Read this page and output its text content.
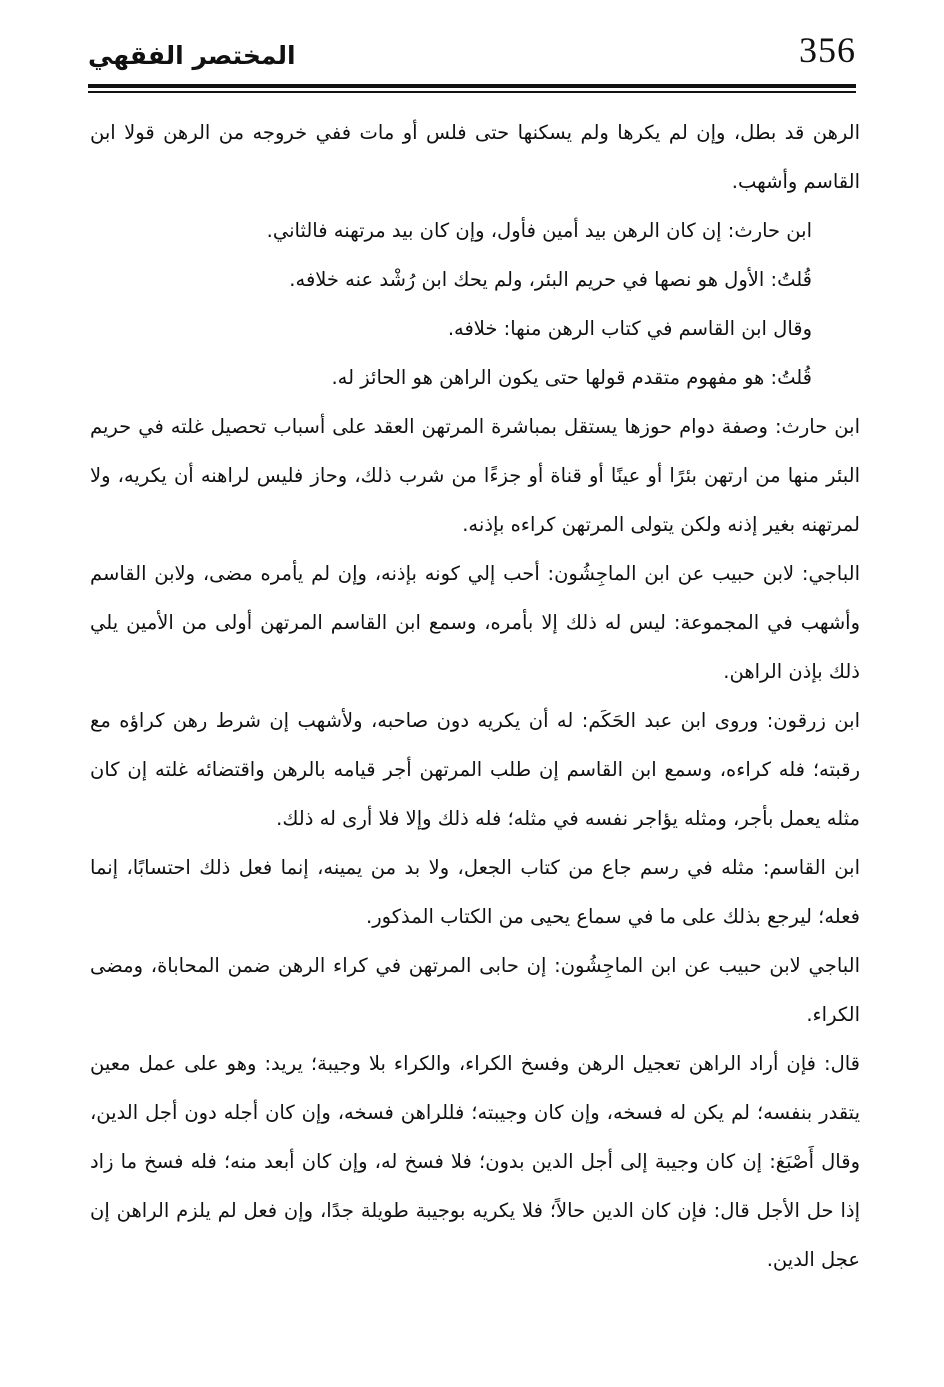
356
المختصر الفقهي

الرهن قد بطل، وإن لم يكرها ولم يسكنها حتى فلس أو مات ففي خروجه من الرهن قولا ابن القاسم وأشهب.

ابن حارث: إن كان الرهن بيد أمين فأول، وإن كان بيد مرتهنه فالثاني.

قُلتُ: الأول هو نصها في حريم البئر، ولم يحك ابن رُشْد عنه خلافه.

وقال ابن القاسم في كتاب الرهن منها: خلافه.

قُلتُ: هو مفهوم متقدم قولها حتى يكون الراهن هو الحائز له.

ابن حارث: وصفة دوام حوزها يستقل بمباشرة المرتهن العقد على أسباب تحصيل غلته في حريم البئر منها من ارتهن بئرًا أو عينًا أو قناة أو جزءًا من شرب ذلك، وحاز فليس لراهنه أن يكريه، ولا لمرتهنه بغير إذنه ولكن يتولى المرتهن كراءه بإذنه.

الباجي: لابن حبيب عن ابن الماجِشُون: أحب إلي كونه بإذنه، وإن لم يأمره مضى، ولابن القاسم وأشهب في المجموعة: ليس له ذلك إلا بأمره، وسمع ابن القاسم المرتهن أولى من الأمين يلي ذلك بإذن الراهن.

ابن زرقون: وروى ابن عبد الحَكَم: له أن يكريه دون صاحبه، ولأشهب إن شرط رهن كراؤه مع رقبته؛ فله كراءه، وسمع ابن القاسم إن طلب المرتهن أجر قيامه بالرهن واقتضائه غلته إن كان مثله يعمل بأجر، ومثله يؤاجر نفسه في مثله؛ فله ذلك وإلا فلا أرى له ذلك.

ابن القاسم: مثله في رسم جاع من كتاب الجعل، ولا بد من يمينه، إنما فعل ذلك احتسابًا، إنما فعله؛ ليرجع بذلك على ما في سماع يحيى من الكتاب المذكور.

الباجي لابن حبيب عن ابن الماجِشُون: إن حابى المرتهن في كراء الرهن ضمن المحاباة، ومضى الكراء.

قال: فإن أراد الراهن تعجيل الرهن وفسخ الكراء، والكراء بلا وجيبة؛ يريد: وهو على عمل معين يتقدر بنفسه؛ لم يكن له فسخه، وإن كان وجيبته؛ فللراهن فسخه، وإن كان أجله دون أجل الدين، وقال أَصْبَغ: إن كان وجيبة إلى أجل الدين بدون؛ فلا فسخ له، وإن كان أبعد منه؛ فله فسخ ما زاد إذا حل الأجل قال: فإن كان الدين حالاً؛ فلا يكريه بوجيبة طويلة جدًا، وإن فعل لم يلزم الراهن إن عجل الدين.
